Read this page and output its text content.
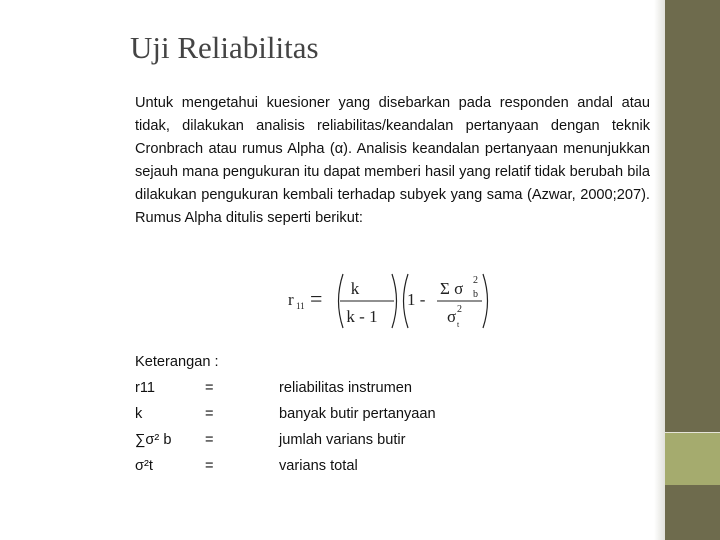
Uji Reliabilitas

Untuk mengetahui kuesioner yang disebarkan pada responden andal atau tidak, dilakukan analisis reliabilitas/keandalan pertanyaan dengan teknik Cronbrach atau rumus Alpha (α). Analisis keandalan pertanyaan menunjukkan sejauh mana pengukuran itu dapat memberi hasil yang relatif tidak berubah bila dilakukan pengukuran kembali terhadap subyek yang sama (Azwar, 2000;207). Rumus Alpha ditulis seperti berikut:

r 11 = k
k - 1
1 -
Σ σ 2
b
σ 2
t
Keterangan :
r11	=	reliabilitas instrumen
k	=	banyak butir pertanyaan
∑σ² b =	jumlah varians butir
σ²t	=	varians total
